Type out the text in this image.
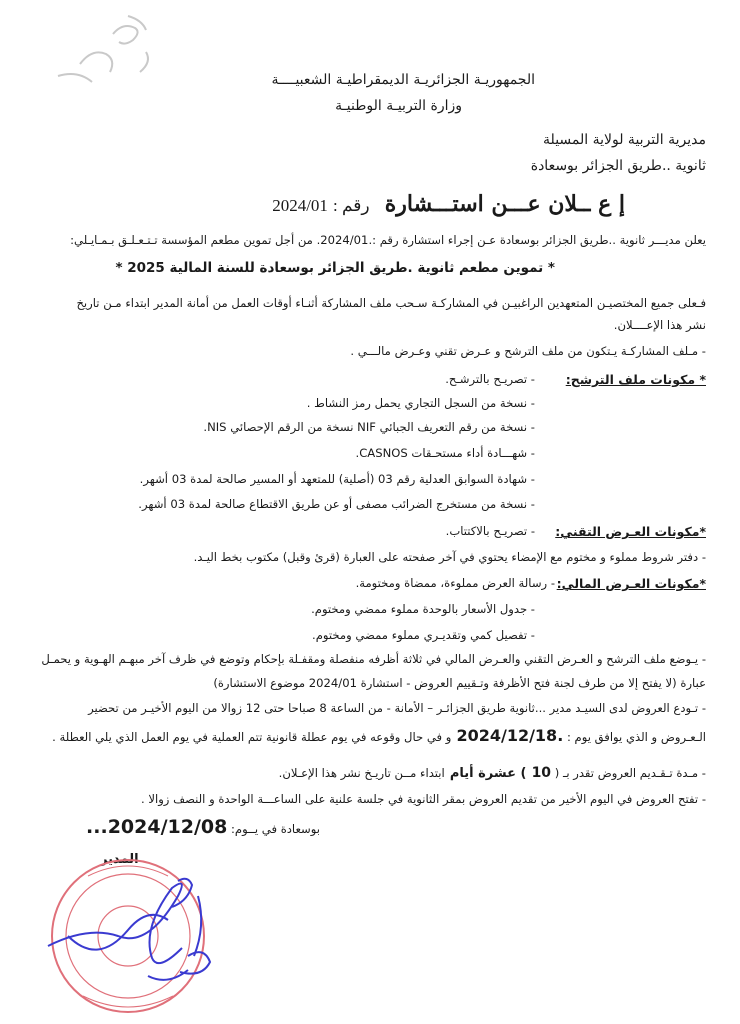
الجمهوريـة الجزائريـة الديمقراطيـة الشعبيــــة
وزارة التربيـة الوطنيـة
مديرية التربية لولاية المسيلة
ثانوية ..طريق الجزائر بوسعادة
إ ع ــلان عـــن استـــشارة رقم : 2024/01
يعلن مديـــر ثانوية ..طريق الجزائر بوسعادة عـن إجراء استشارة رقم :.2024/01. من أجل تموين مطعم المؤسسة تـتـعـلـق بـمـايـلي:
* تموين مطعم ثانوية .طريق الجزائر بوسعادة للسنة المالية 2025 *
فـعلى جميع المختصيـن المتعهدين الراغبيـن في المشاركـة سـحب ملف المشاركة أثنـاء أوقات العمل من أمانة المدير ابتداء مـن تاريخ
نشر هذا الإعــــلان.
- مـلف المشاركـة يـتكون من ملف الترشح و عـرض تقني وعـرض مالـــي .
* مكونات ملف الترشح:
- تصريـح بالترشـح.
- نسخة من السجل التجاري يحمل رمز النشاط .
- نسخة من رقم التعريف الجبائي NIF نسخة من الرقم الإحصائي NIS.
- شهـــادة أداء مستحـقات CASNOS.
- شهادة السوابق العدلية رقم 03 (أصلية) للمتعهد أو المسير صالحة لمدة 03 أشهر.
- نسخة من مستخرج الضرائب مصفى أو عن طريق الاقتطاع صالحة لمدة 03 أشهر.
*مكونات العـرض التقني:
- تصريـح بالاكتتاب.
- دفتر شروط مملوء و مختوم مع الإمضاء يحتوي في آخر صفحته على العبارة (قرئ وقبل) مكتوب بخط اليـد.
*مكونات العـرض المالي:
- رسالة العرض مملوءة، ممضاة ومختومة.
- جدول الأسعار بالوحدة مملوء ممضي ومختوم.
- تفصيل كمي وتقديـري مملوء ممضي ومختوم.
- يـوضع ملف الترشح و العـرض التقني والعـرض المالي في ثلاثة أظرفه منفصلة ومقفـلة بإحكام وتوضع في ظرف آخر مبهـم الهـوية و يحمـل
عبارة (لا يفتح إلا من طرف لجنة فتح الأظرفة وتـقييم العروض - استشارة 2024/01 موضوع الاستشارة)
- تـودع العروض لدى السيـد مدير ...ثانوية طريق الجزائـر – الأمانة - من الساعة 8 صباحا حتى 12 زوالا من اليوم الأخيـر من تحضير
الـعـروض و الذي يوافق يوم : 2024/12/18. و في حال وقوعه في يوم عطلة قانونية تتم العملية في يوم العمل الذي يلي العطلة .
- مـدة تـقـديم العروض تقدر بـ ( 10 ) عشرة أيام ابتداء مــن تاريـخ نشر هذا الإعـلان.
- تفتح العروض في اليوم الأخير من تقديم العروض بمقر الثانوية في جلسة علنية على الساعـــة الواحدة و النصف زوالا .
بوسعادة في يــوم: ...2024/12/08
المدير
